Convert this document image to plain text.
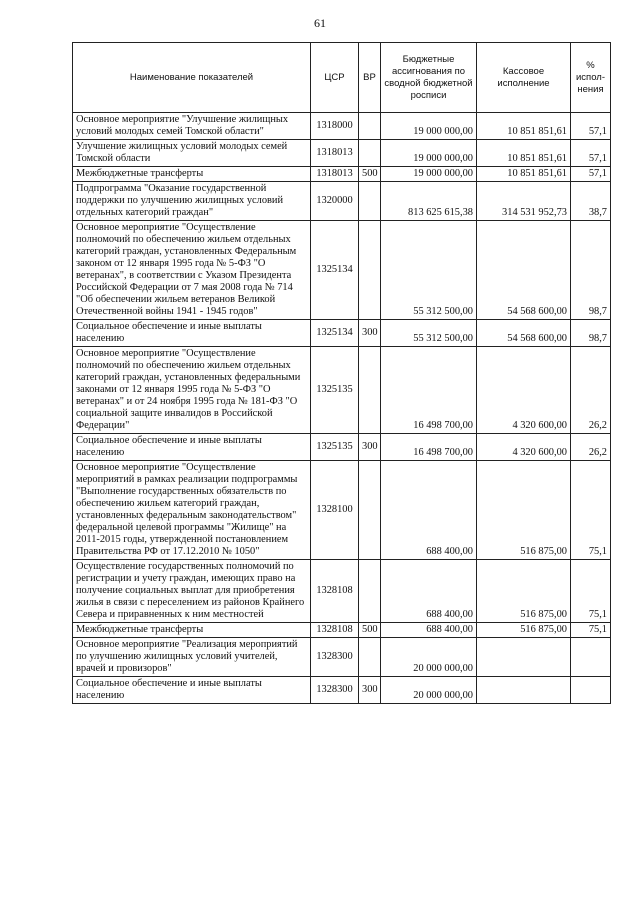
61
Наименование показателей	ЦСР	ВР	Бюджетные ассигнования по сводной бюджетной росписи	Кассовое исполнение	% испол-нения
Основное мероприятие "Улучшение жилищных условий молодых семей Томской области"	1318000		19 000 000,00	10 851 851,61	57,1
Улучшение жилищных условий молодых семей Томской области	1318013		19 000 000,00	10 851 851,61	57,1
Межбюджетные трансферты	1318013	500	19 000 000,00	10 851 851,61	57,1
Подпрограмма "Оказание государственной поддержки по улучшению жилищных условий отдельных категорий граждан"	1320000		813 625 615,38	314 531 952,73	38,7
Основное мероприятие "Осуществление полномочий по обеспечению жильем отдельных категорий граждан, установленных Федеральным законом от 12 января 1995 года № 5-ФЗ "О ветеранах", в соответствии с Указом Президента Российской Федерации от 7 мая 2008 года № 714 "Об обеспечении жильем ветеранов Великой Отечественной войны 1941 - 1945 годов"	1325134		55 312 500,00	54 568 600,00	98,7
Социальное обеспечение и иные выплаты населению	1325134	300	55 312 500,00	54 568 600,00	98,7
Основное мероприятие "Осуществление полномочий по обеспечению жильем отдельных категорий граждан, установленных федеральными законами от 12 января 1995 года № 5-ФЗ "О ветеранах" и от 24 ноября 1995 года № 181-ФЗ "О социальной защите инвалидов в Российской Федерации"	1325135		16 498 700,00	4 320 600,00	26,2
Социальное обеспечение и иные выплаты населению	1325135	300	16 498 700,00	4 320 600,00	26,2
Основное мероприятие "Осуществление мероприятий в рамках реализации подпрограммы "Выполнение государственных обязательств по обеспечению жильем категорий граждан, установленных федеральным законодательством" федеральной целевой программы "Жилище" на 2011-2015 годы, утвержденной постановлением Правительства РФ от 17.12.2010 № 1050"	1328100		688 400,00	516 875,00	75,1
Осуществление государственных полномочий по регистрации и учету граждан, имеющих право на получение социальных выплат для приобретения жилья в связи с переселением из районов Крайнего Севера и приравненных к ним местностей	1328108		688 400,00	516 875,00	75,1
Межбюджетные трансферты	1328108	500	688 400,00	516 875,00	75,1
Основное мероприятие "Реализация мероприятий по улучшению жилищных условий учителей, врачей и провизоров"	1328300		20 000 000,00		
Социальное обеспечение и иные выплаты населению	1328300	300	20 000 000,00		
